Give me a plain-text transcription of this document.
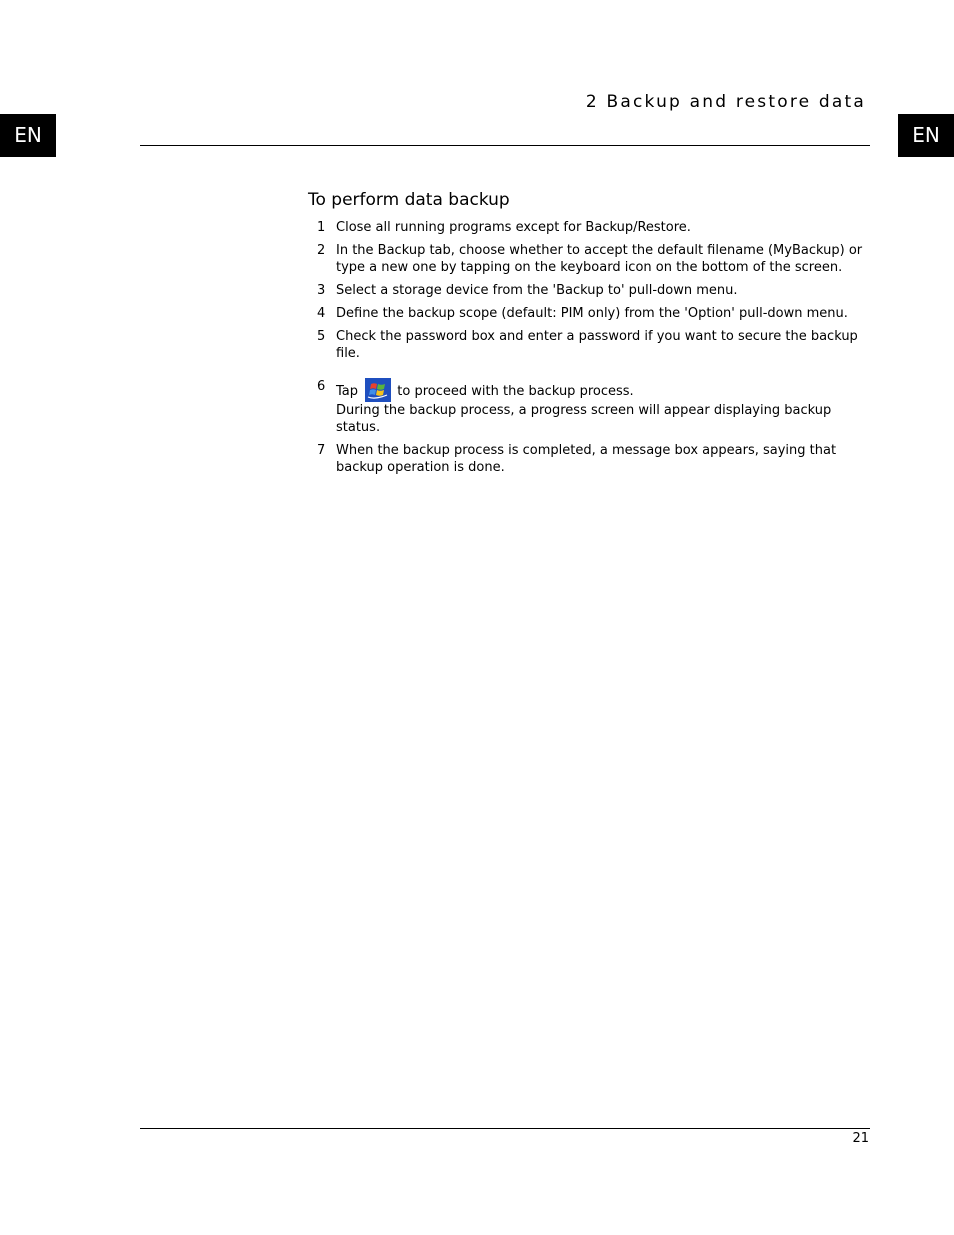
EN	EN
2 Backup and restore data
To perform data backup
1 Close all running programs except for Backup/Restore.
2 In the Backup tab, choose whether to accept the default filename (MyBackup) or type a new one by tapping on the keyboard icon on the bottom of the screen.
3 Select a storage device from the 'Backup to' pull-down menu.
4 Define the backup scope (default: PIM only) from the 'Option' pull-down menu.
5 Check the password box and enter a password if you want to secure the backup file.
6 Tap	to proceed with the backup process.
During the backup process, a progress screen will appear displaying backup status.
7 When the backup process is completed, a message box appears, saying that backup operation is done.
21
